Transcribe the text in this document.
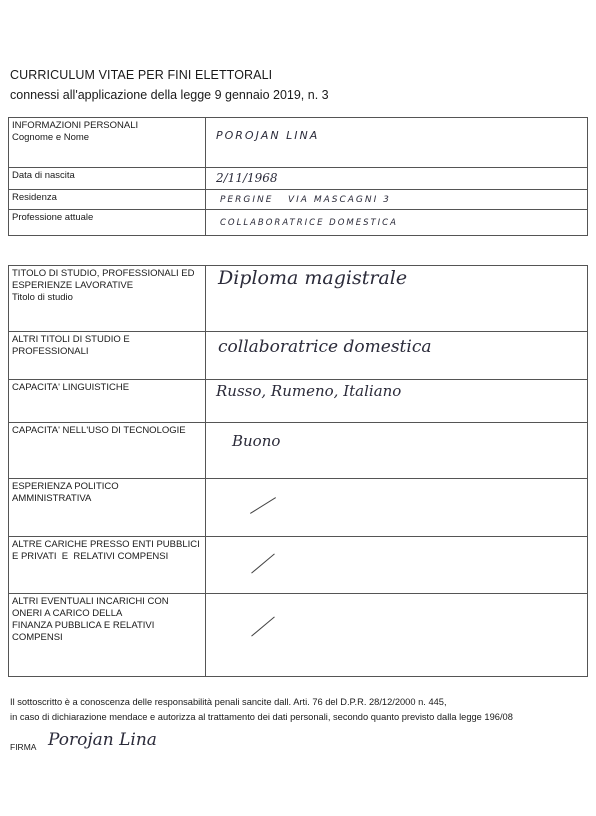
CURRICULUM VITAE PER FINI ELETTORALI
connessi all'applicazione della legge 9 gennaio 2019, n. 3
INFORMAZIONI PERSONALI
Cognome e Nome	POROJAN LINA

Data di nascita	2/11/1968

Residenza	PERGINE   VIA MASCAGNI 3

Professione attuale	COLLABORATRICE DOMESTICA
TITOLO DI STUDIO, PROFESSIONALI ED
ESPERIENZE LAVORATIVE
Titolo di studio	Diploma magistrale

ALTRI TITOLI DI STUDIO E
PROFESSIONALI	collaboratrice domestica

CAPACITA' LINGUISTICHE	Russo, Rumeno, Italiano

CAPACITA' NELL'USO DI TECNOLOGIE	Buono

ESPERIENZA POLITICO
AMMINISTRATIVA	

ALTRE CARICHE PRESSO ENTI PUBBLICI
E PRIVATI  E  RELATIVI COMPENSI	

ALTRI EVENTUALI INCARICHI CON
ONERI A CARICO DELLA
FINANZA PUBBLICA E RELATIVI
COMPENSI	

Il sottoscritto è a conoscenza delle responsabilità penali sancite dall. Arti. 76 del D.P.R. 28/12/2000 n. 445,
in caso di dichiarazione mendace e autorizza al trattamento dei dati personali, secondo quanto previsto dalla legge 196/08
FIRMA Porojan Lina
